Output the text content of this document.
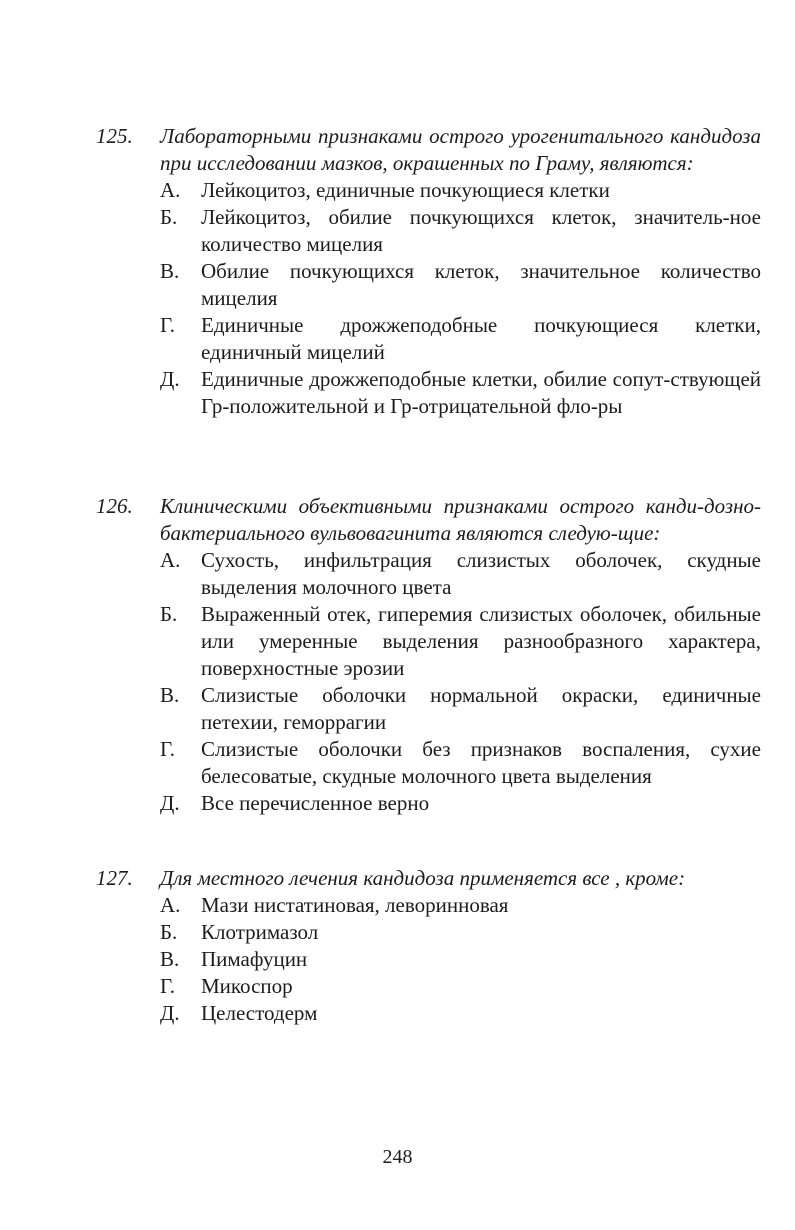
125. Лабораторными признаками острого урогенитального кандидоза при исследовании мазков, окрашенных по Граму, являются:
А. Лейкоцитоз, единичные почкующиеся клетки
Б. Лейкоцитоз, обилие почкующихся клеток, значитель-ное количество мицелия
В. Обилие почкующихся клеток, значительное количество мицелия
Г. Единичные дрожжеподобные почкующиеся клетки, единичный мицелий
Д. Единичные дрожжеподобные клетки, обилие сопут-ствующей Гр-положительной и Гр-отрицательной фло-ры
126. Клиническими объективными признаками острого канди-дозно-бактериального вульвовагинита являются следую-щие:
А. Сухость, инфильтрация слизистых оболочек, скудные выделения молочного цвета
Б. Выраженный отек, гиперемия слизистых оболочек, обильные или умеренные выделения разнообразного характера, поверхностные эрозии
В. Слизистые оболочки нормальной окраски, единичные петехии, геморрагии
Г. Слизистые оболочки без признаков воспаления, сухие белесоватые, скудные молочного цвета выделения
Д. Все перечисленное верно
127. Для местного лечения кандидоза применяется все , кроме:
А. Мази нистатиновая, леворинновая
Б. Клотримазол
В. Пимафуцин
Г. Микоспор
Д. Целестодерм
248
